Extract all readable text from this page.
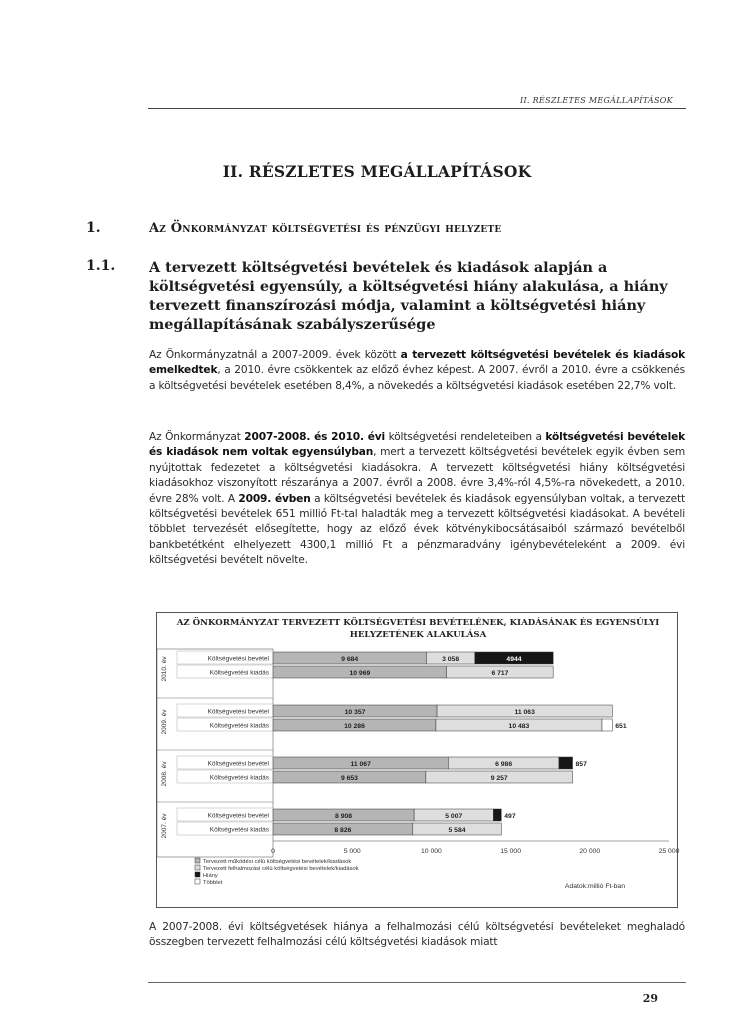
II. RÉSZLETES MEGÁLLAPÍTÁSOK
II. RÉSZLETES MEGÁLLAPÍTÁSOK
1.	Az Önkormányzat költségvetési és pénzügyi helyzete
1.1. A tervezett költségvetési bevételek és kiadások alapján a költségvetési egyensúly, a költségvetési hiány alakulása, a hiány tervezett finanszírozási módja, valamint a költségvetési hiány megállapításának szabályszerűsége
Az Önkormányzatnál a 2007-2009. évek között a tervezett költségvetési bevételek és kiadások emelkedtek, a 2010. évre csökkentek az előző évhez képest. A 2007. évről a 2010. évre a csökkenés a költségvetési bevételek esetében 8,4%, a növekedés a költségvetési kiadások esetében 22,7% volt.
Az Önkormányzat 2007-2008. és 2010. évi költségvetési rendeleteiben a költségvetési bevételek és kiadások nem voltak egyensúlyban, mert a tervezett költségvetési bevételek egyik évben sem nyújtottak fedezetet a költségvetési kiadásokra. A tervezett költségvetési hiány költségvetési kiadásokhoz viszonyított részaránya a 2007. évről a 2008. évre 3,4%-ról 4,5%-ra növekedett, a 2010. évre 28% volt. A 2009. évben a költségvetési bevételek és kiadások egyensúlyban voltak, a tervezett költségvetési bevételek 651 millió Ft-tal haladták meg a tervezett költségvetési kiadásokat. A bevételi többlet tervezését elősegítette, hogy az előző évek kötvénykibocsátásaiból származó bevételből bankbetétként elhelyezett 4300,1 millió Ft a pénzmaradvány igénybevételeként a 2009. évi költségvetési bevételt növelte.
AZ ÖNKORMÁNYZAT TERVEZETT KÖLTSÉGVETÉSI BEVÉTELÉNEK, KIADÁSÁNAK ÉS EGYENSÚLYI HELYZETÉNEK ALAKULÁSA
2010. év	Költségvetési bevétel	9 684	3 058	4944
Költségvetési kiadás	10 969	6 717
2009. év	Költségvetési bevétel	10 357	11 063
Költségvetési kiadás	10 286	10 483	651
2008. év	Költségvetési bevétel	11 067	6 986	857
Költségvetési kiadás	9 653	9 257
2007. év	Költségvetési bevétel	8 908	5 007	497
Költségvetési kiadás	8 826	5 584
0	5 000	10 000	15 000	20 000	25 000
Tervezett működési célú költségvetési bevételek/kiadások
Tervezett felhalmozási célú költségvetési bevételek/kiadások
Hiány
Többlet	Adatok:millió Ft-ban
A 2007-2008. évi költségvetések hiánya a felhalmozási célú költségvetési bevételeket meghaladó összegben tervezett felhalmozási célú költségvetési kiadások miatt
29
